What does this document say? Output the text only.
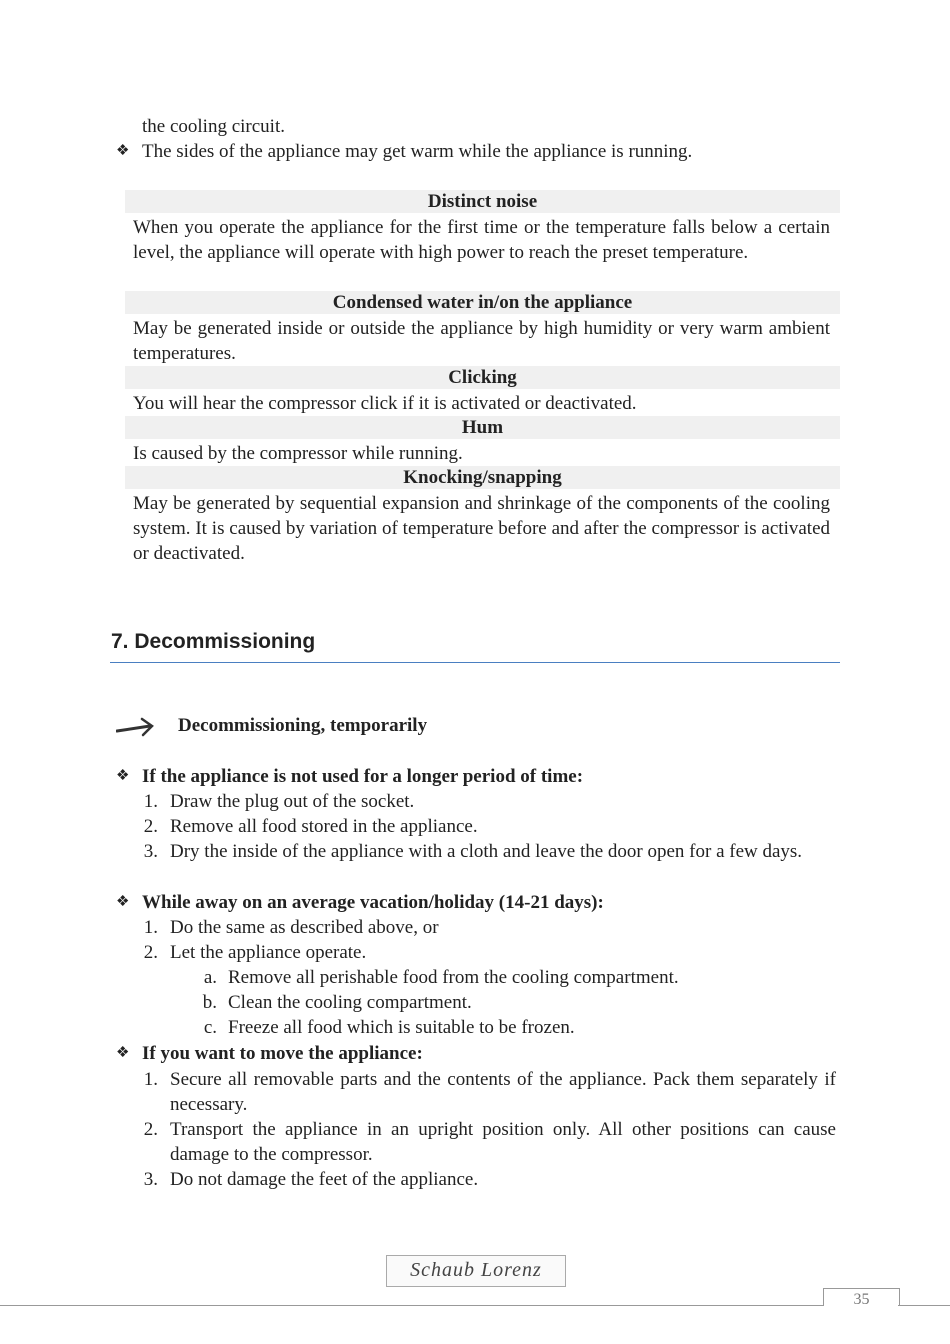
the cooling circuit.
❖ The sides of the appliance may get warm while the appliance is running.
Distinct noise
When you operate the appliance for the first time or the temperature falls below a certain level, the appliance will operate with high power to reach the preset temperature.
Condensed water in/on the appliance
May be generated inside or outside the appliance by high humidity or very warm ambient temperatures.
Clicking
You will hear the compressor click if it is activated or deactivated.
Hum
Is caused by the compressor while running.
Knocking/snapping
May be generated by sequential expansion and shrinkage of the components of the cooling system. It is caused by variation of temperature before and after the compressor is activated or deactivated.
7. Decommissioning
Decommissioning, temporarily
❖ If the appliance is not used for a longer period of time:
1. Draw the plug out of the socket.
2. Remove all food stored in the appliance.
3. Dry the inside of the appliance with a cloth and leave the door open for a few days.
❖ While away on an average vacation/holiday (14-21 days):
1. Do the same as described above, or
2. Let the appliance operate.
a. Remove all perishable food from the cooling compartment.
b. Clean the cooling compartment.
c. Freeze all food which is suitable to be frozen.
❖ If you want to move the appliance:
1. Secure all removable parts and the contents of the appliance. Pack them separately if necessary.
2. Transport the appliance in an upright position only. All other positions can cause damage to the compressor.
3. Do not damage the feet of the appliance.
Schaub Lorenz
35
